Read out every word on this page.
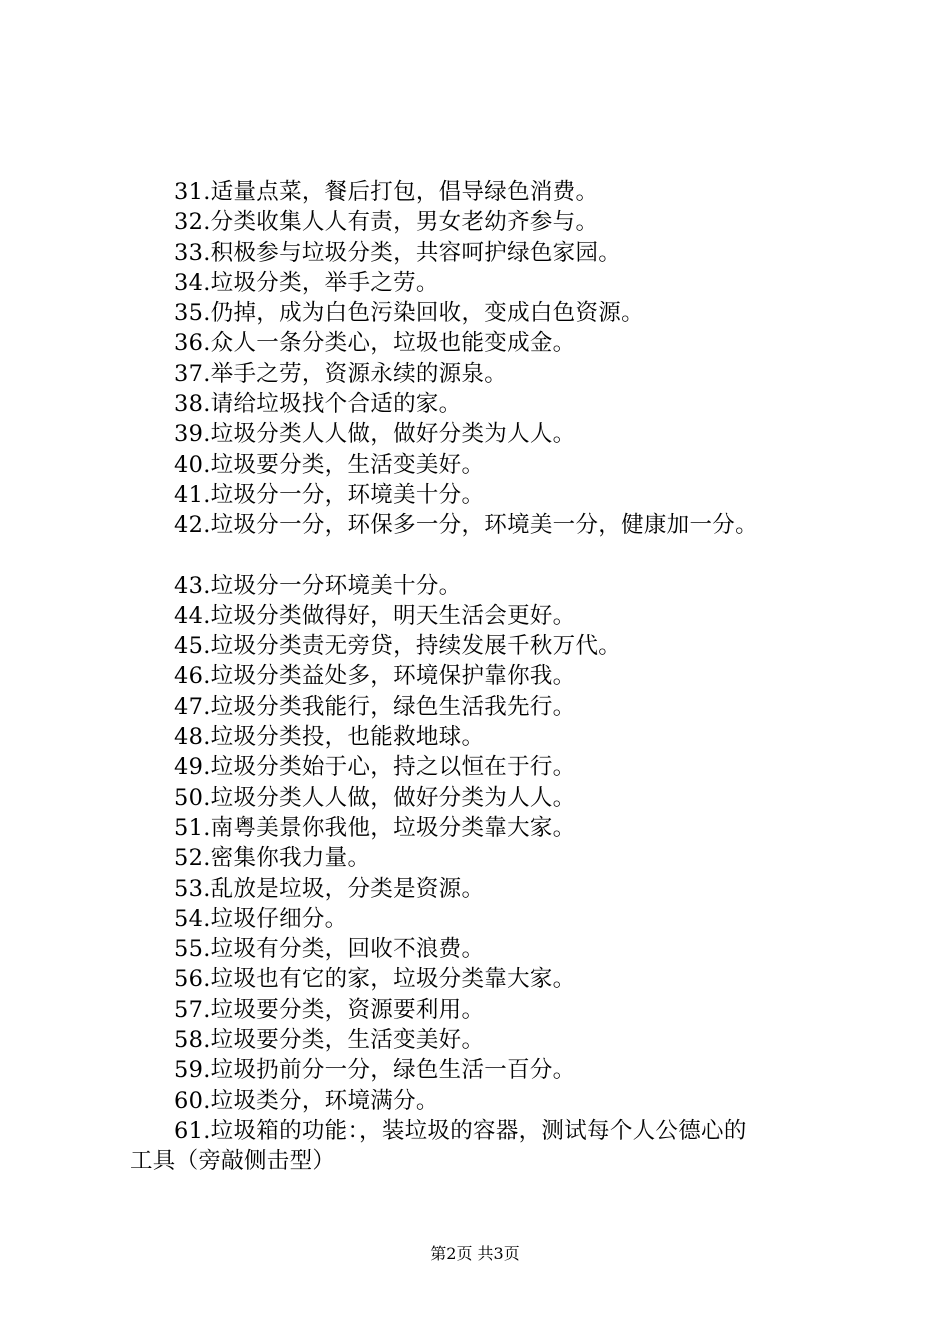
31.适量点菜，餐后打包，倡导绿色消费。
32.分类收集人人有责，男女老幼齐参与。
33.积极参与垃圾分类，共容呵护绿色家园。
34.垃圾分类，举手之劳。
35.仍掉，成为白色污染回收，变成白色资源。
36.众人一条分类心，垃圾也能变成金。
37.举手之劳，资源永续的源泉。
38.请给垃圾找个合适的家。
39.垃圾分类人人做，做好分类为人人。
40.垃圾要分类，生活变美好。
41.垃圾分一分，环境美十分。
42.垃圾分一分，环保多一分，环境美一分，健康加一分。
43.垃圾分一分环境美十分。
44.垃圾分类做得好，明天生活会更好。
45.垃圾分类责无旁贷，持续发展千秋万代。
46.垃圾分类益处多，环境保护靠你我。
47.垃圾分类我能行，绿色生活我先行。
48.垃圾分类投，也能救地球。
49.垃圾分类始于心，持之以恒在于行。
50.垃圾分类人人做，做好分类为人人。
51.南粤美景你我他，垃圾分类靠大家。
52.密集你我力量。
53.乱放是垃圾，分类是资源。
54.垃圾仔细分。
55.垃圾有分类，回收不浪费。
56.垃圾也有它的家，垃圾分类靠大家。
57.垃圾要分类，资源要利用。
58.垃圾要分类，生活变美好。
59.垃圾扔前分一分，绿色生活一百分。
60.垃圾类分，环境满分。
61.垃圾箱的功能：，装垃圾的容器，测试每个人公德心的
工具（旁敲侧击型）
第2页 共3页
